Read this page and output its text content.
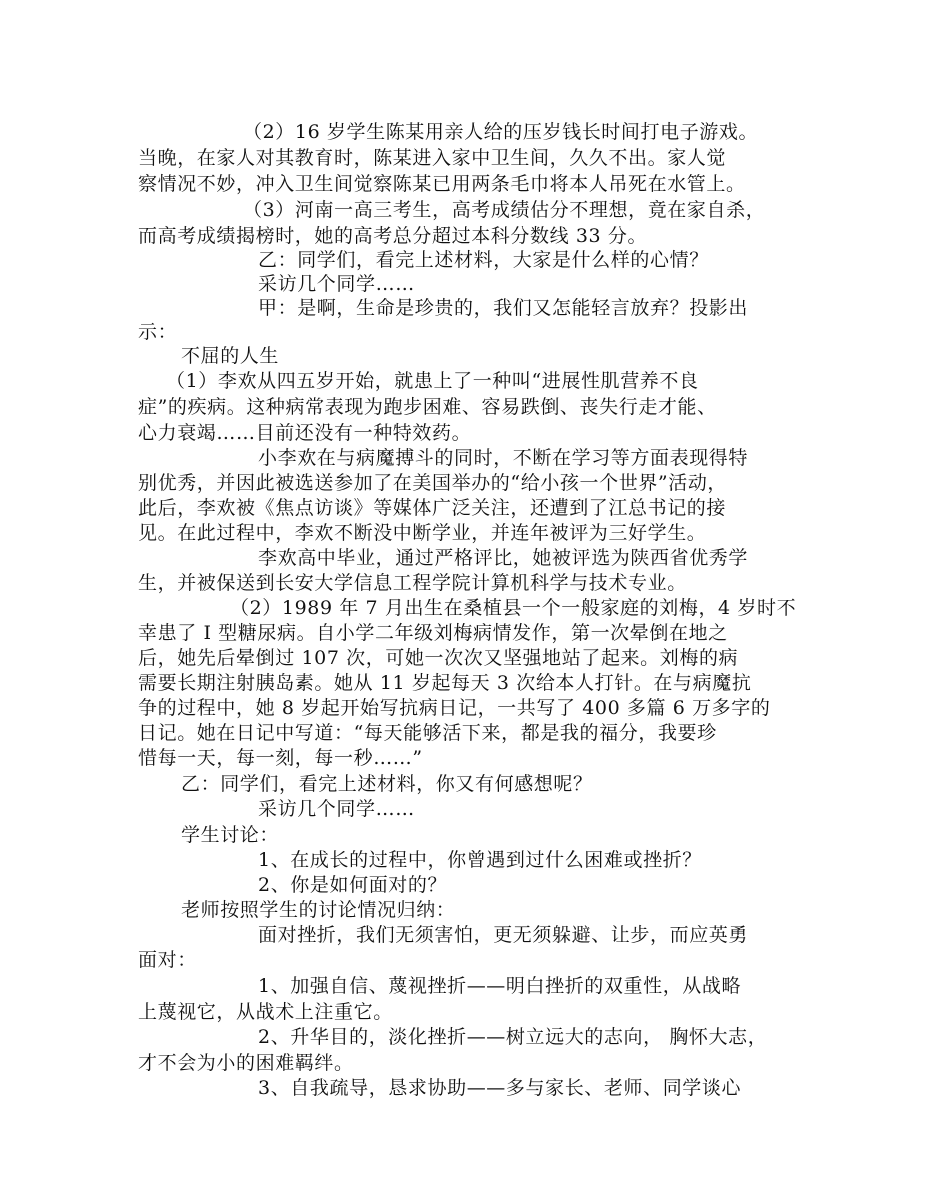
（2）16 岁学生陈某用亲人给的压岁钱长时间打电子游戏。
当晚，在家人对其教育时，陈某进入家中卫生间，久久不出。家人觉
察情况不妙，冲入卫生间觉察陈某已用两条毛巾将本人吊死在水管上。
（3）河南一高三考生，高考成绩估分不理想，竟在家自杀，
而高考成绩揭榜时，她的高考总分超过本科分数线 33 分。
乙：同学们，看完上述材料，大家是什么样的心情？
采访几个同学……
甲：是啊，生命是珍贵的，我们又怎能轻言放弃？投影出
示：
不屈的人生
（1）李欢从四五岁开始，就患上了一种叫“进展性肌营养不良
症”的疾病。这种病常表现为跑步困难、容易跌倒、丧失行走才能、
心力衰竭……目前还没有一种特效药。
小李欢在与病魔搏斗的同时，不断在学习等方面表现得特
别优秀，并因此被选送参加了在美国举办的“给小孩一个世界”活动，
此后，李欢被《焦点访谈》等媒体广泛关注，还遭到了江总书记的接
见。在此过程中，李欢不断没中断学业，并连年被评为三好学生。
李欢高中毕业，通过严格评比，她被评选为陕西省优秀学
生，并被保送到长安大学信息工程学院计算机科学与技术专业。
（2）1989 年 7 月出生在桑植县一个一般家庭的刘梅，4 岁时不
幸患了 I 型糖尿病。自小学二年级刘梅病情发作，第一次晕倒在地之
后，她先后晕倒过 107 次，可她一次次又坚强地站了起来。刘梅的病
需要长期注射胰岛素。她从 11 岁起每天 3 次给本人打针。在与病魔抗
争的过程中，她 8 岁起开始写抗病日记，一共写了 400 多篇 6 万多字的
日记。她在日记中写道：“每天能够活下来，都是我的福分，我要珍
惜每一天，每一刻，每一秒……”
乙：同学们，看完上述材料，你又有何感想呢？
采访几个同学……
学生讨论：
1、在成长的过程中，你曾遇到过什么困难或挫折？
2、你是如何面对的？
老师按照学生的讨论情况归纳：
面对挫折，我们无须害怕，更无须躲避、让步，而应英勇
面对：
1、加强自信、蔑视挫折——明白挫折的双重性，从战略
上蔑视它，从战术上注重它。
2、升华目的，淡化挫折——树立远大的志向， 胸怀大志，
才不会为小的困难羁绊。
3、自我疏导，恳求协助——多与家长、老师、同学谈心
